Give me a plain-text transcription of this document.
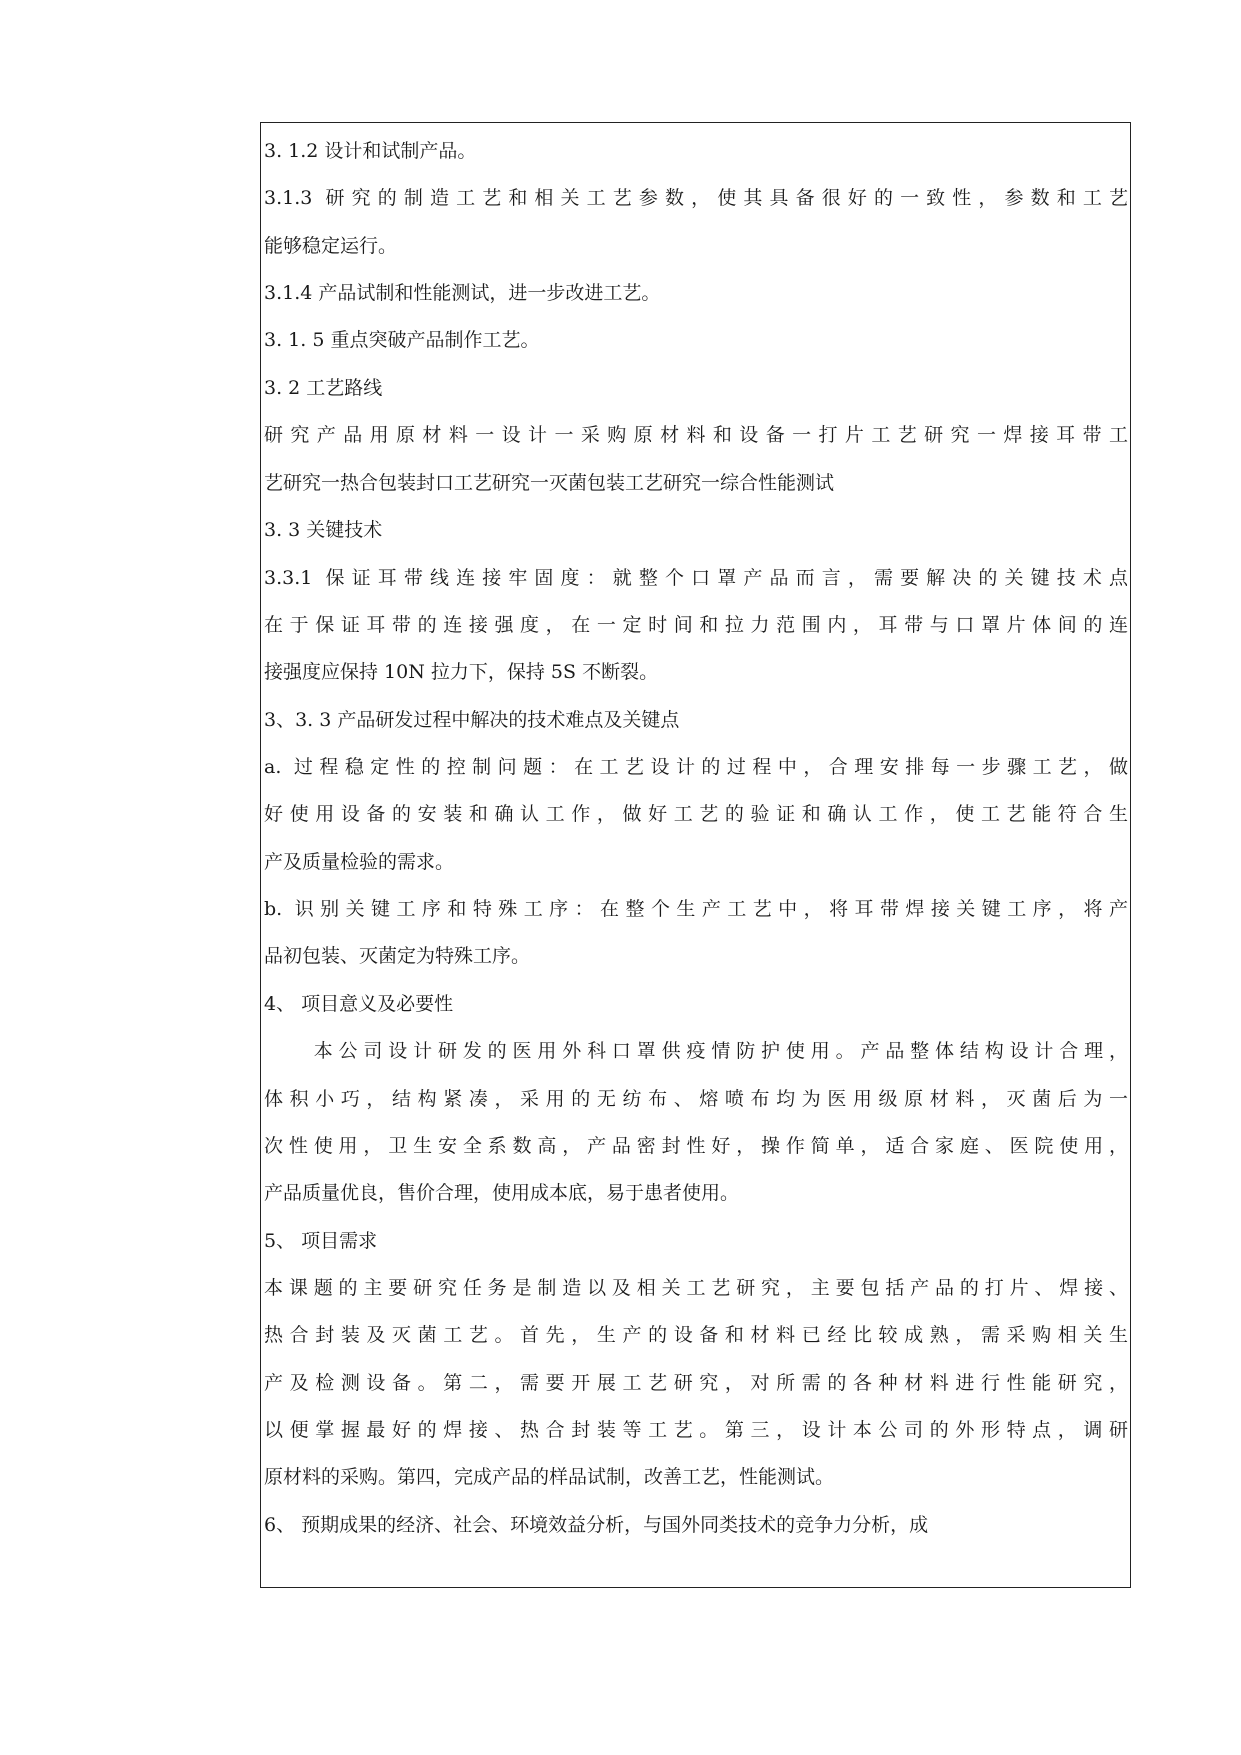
3. 1.2 设计和试制产品。
3.1.3 研究的制造工艺和相关工艺参数，使其具备很好的一致性，参数和工艺
能够稳定运行。
3.1.4 产品试制和性能测试，进一步改进工艺。
3. 1. 5 重点突破产品制作工艺。
3. 2 工艺路线
研究产品用原材料一设计一采购原材料和设备一打片工艺研究一焊接耳带工
艺研究一热合包装封口工艺研究一灭菌包装工艺研究一综合性能测试
3. 3 关键技术
3.3.1 保证耳带线连接牢固度：就整个口罩产品而言，需要解决的关键技术点
在于保证耳带的连接强度，在一定时间和拉力范围内，耳带与口罩片体间的连
接强度应保持 10N 拉力下，保持 5S 不断裂。
3、3. 3 产品研发过程中解决的技术难点及关键点
a. 过程稳定性的控制问题：在工艺设计的过程中，合理安排每一步骤工艺，做
好使用设备的安装和确认工作，做好工艺的验证和确认工作，使工艺能符合生
产及质量检验的需求。
b. 识别关键工序和特殊工序：在整个生产工艺中，将耳带焊接关键工序，将产
品初包装、灭菌定为特殊工序。
4、 项目意义及必要性
　　本公司设计研发的医用外科口罩供疫情防护使用。产品整体结构设计合理，
体积小巧，结构紧凑，采用的无纺布、熔喷布均为医用级原材料，灭菌后为一
次性使用，卫生安全系数高，产品密封性好，操作简单，适合家庭、医院使用，
产品质量优良，售价合理，使用成本底，易于患者使用。
5、 项目需求
本课题的主要研究任务是制造以及相关工艺研究，主要包括产品的打片、焊接、
热合封装及灭菌工艺。首先，生产的设备和材料已经比较成熟，需采购相关生
产及检测设备。第二，需要开展工艺研究，对所需的各种材料进行性能研究，
以便掌握最好的焊接、热合封装等工艺。第三，设计本公司的外形特点，调研
原材料的采购。第四，完成产品的样品试制，改善工艺，性能测试。
6、 预期成果的经济、社会、环境效益分析，与国外同类技术的竞争力分析，成
